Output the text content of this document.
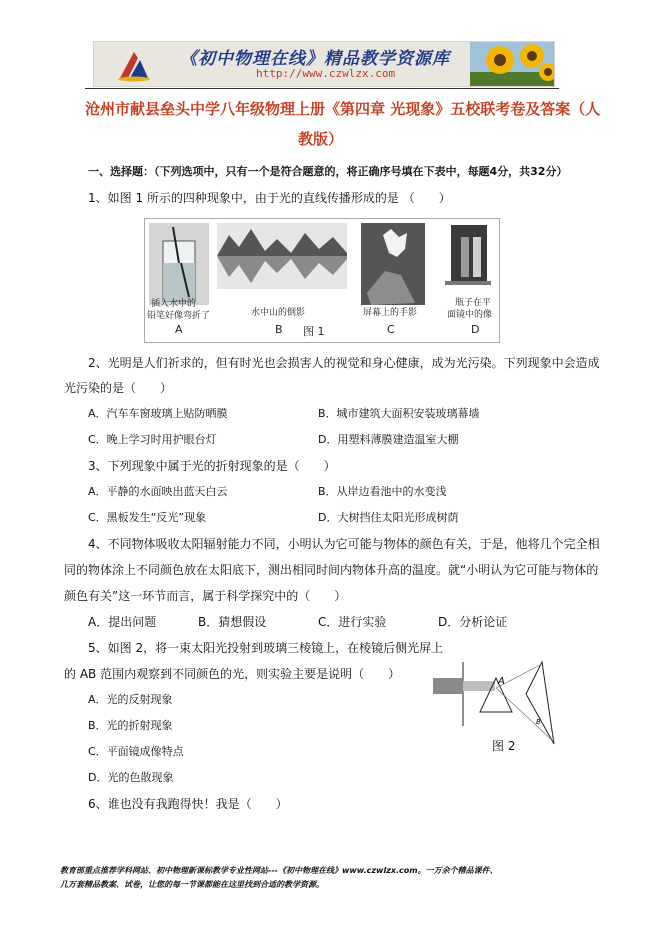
《初中物理在线》精品教学资源库
http://www.czwlzx.com
沧州市献县垒头中学八年级物理上册《第四章 光现象》五校联考卷及答案（人
教版）
一、选择题：（下列选项中，只有一个是符合题意的，将正确序号填在下表中，每题4分，共32分）
1、如图 1 所示的四种现象中，由于光的直线传播形成的是 （　　）
插入水中的
铅笔好像弯折了	水中山的倒影	屏幕上的手影
瓶子在平
面镜中的像
A	B 图 1	C	D
2、光明是人们祈求的，但有时光也会损害人的视觉和身心健康，成为光污染。下列现象中会造成
光污染的是（　　）
A．汽车车窗玻璃上贴防晒膜	B．城市建筑大面积安装玻璃幕墙
C．晚上学习时用护眼台灯	D．用塑料薄膜建造温室大棚
3、下列现象中属于光的折射现象的是（　　）
A．平静的水面映出蓝天白云	B．从岸边看池中的水变浅
C．黑板发生“反光”现象	D．大树挡住太阳光形成树荫
4、不同物体吸收太阳辐射能力不同，小明认为它可能与物体的颜色有关，于是，他将几个完全相
同的物体涂上不同颜色放在太阳底下，测出相同时间内物体升高的温度。就“小明认为它可能与物体的
颜色有关”这一环节而言，属于科学探究中的（　　）
A．提出问题	B．猜想假设	C．进行实验	D．分析论证
5、如图 2，将一束太阳光投射到玻璃三棱镜上，在棱镜后侧光屏上
的 AB 范围内观察到不同颜色的光，则实验主要是说明（　　）
A．光的反射现象
B．光的折射现象
C．平面镜成像特点
D．光的色散现象
A
B
图 2
6、谁也没有我跑得快！我是（　　）
教育部重点推荐学科网站、初中物理新课标教学专业性网站---《初中物理在线》www.czwlzx.com。一万余个精品课件、
几万套精品教案、试卷，让您的每一节课都能在这里找到合适的教学资源。
